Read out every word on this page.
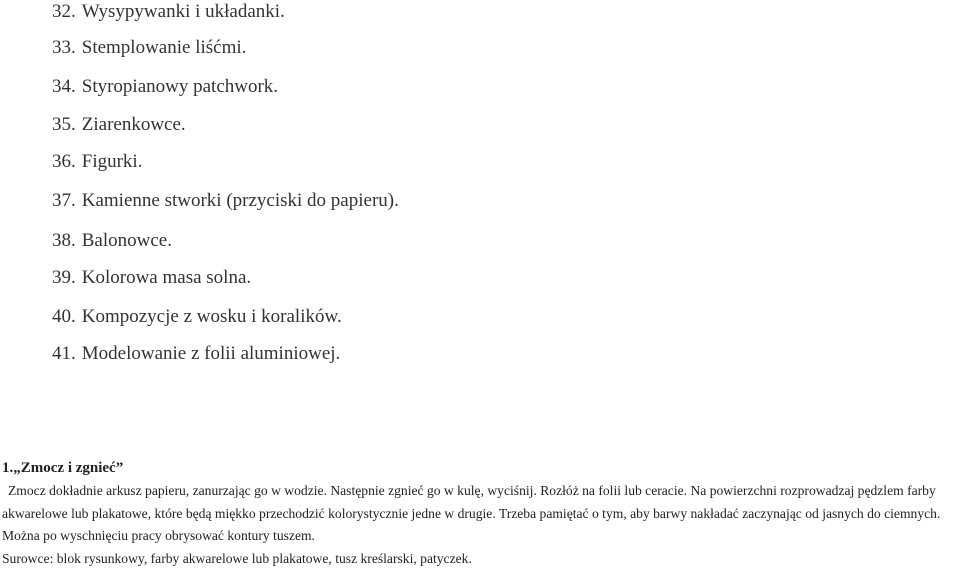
32. Wysypywanki i układanki.
33. Stemplowanie liśćmi.
34. Styropianowy patchwork.
35. Ziarenkowce.
36. Figurki.
37. Kamienne stworki (przyciski do papieru).
38. Balonowce.
39. Kolorowa masa solna.
40. Kompozycje z wosku i koralików.
41. Modelowanie z folii aluminiowej.
1.„Zmocz i zgnieć”

Zmocz dokładnie arkusz papieru, zanurzając go w wodzie. Następnie zgnieć go w kulę, wyciśnij. Rozłóż na folii lub ceracie. Na powierzchni rozprowadzaj pędzlem farby akwarelowe lub plakatowe, które będą miękko przechodzić kolorystycznie jedne w drugie. Trzeba pamiętać o tym, aby barwy nakładać zaczynając od jasnych do ciemnych. Można po wyschnięciu pracy obrysować kontury tuszem.
Surowce: blok rysunkowy, farby akwarelowe lub plakatowe, tusz kreślarski, patyczek.
